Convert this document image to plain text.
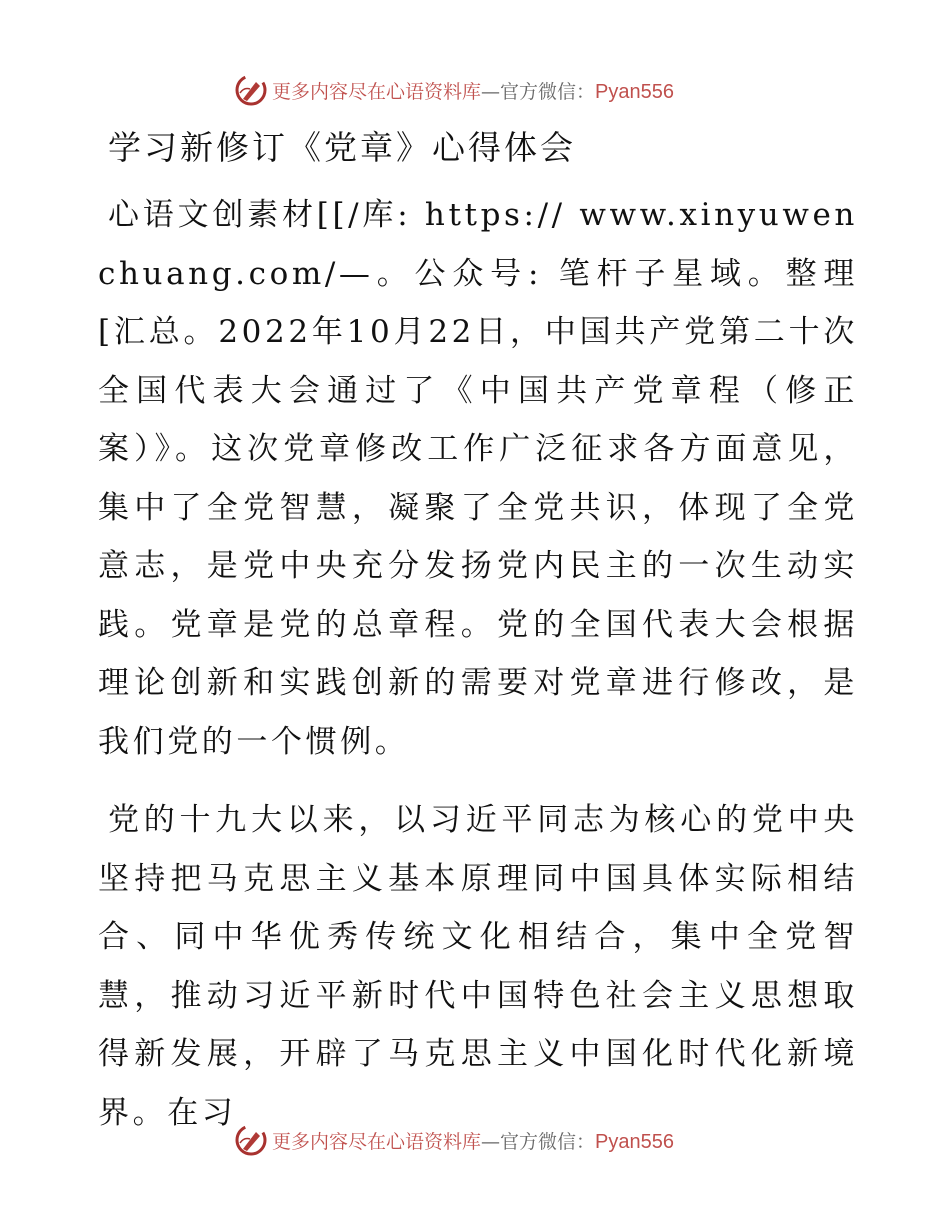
更多内容尽在心语资料库—官方微信：Pyan556
学习新修订《党章》心得体会

心语文创素材[[/库: https:// www.xinyuwenchuang.com/—。公众号: 笔杆子星域。整理[汇总。2022年10月22日，中国共产党第二十次全国代表大会通过了《中国共产党章程（修正案）》。这次党章修改工作广泛征求各方面意见，集中了全党智慧，凝聚了全党共识，体现了全党意志，是党中央充分发扬党内民主的一次生动实践。党章是党的总章程。党的全国代表大会根据理论创新和实践创新的需要对党章进行修改，是我们党的一个惯例。

党的十九大以来，以习近平同志为核心的党中央坚持把马克思主义基本原理同中国具体实际相结合、同中华优秀传统文化相结合，集中全党智慧，推动习近平新时代中国特色社会主义思想取得新发展，开辟了马克思主义中国化时代化新境界。在习

更多内容尽在心语资料库—官方微信：Pyan556
